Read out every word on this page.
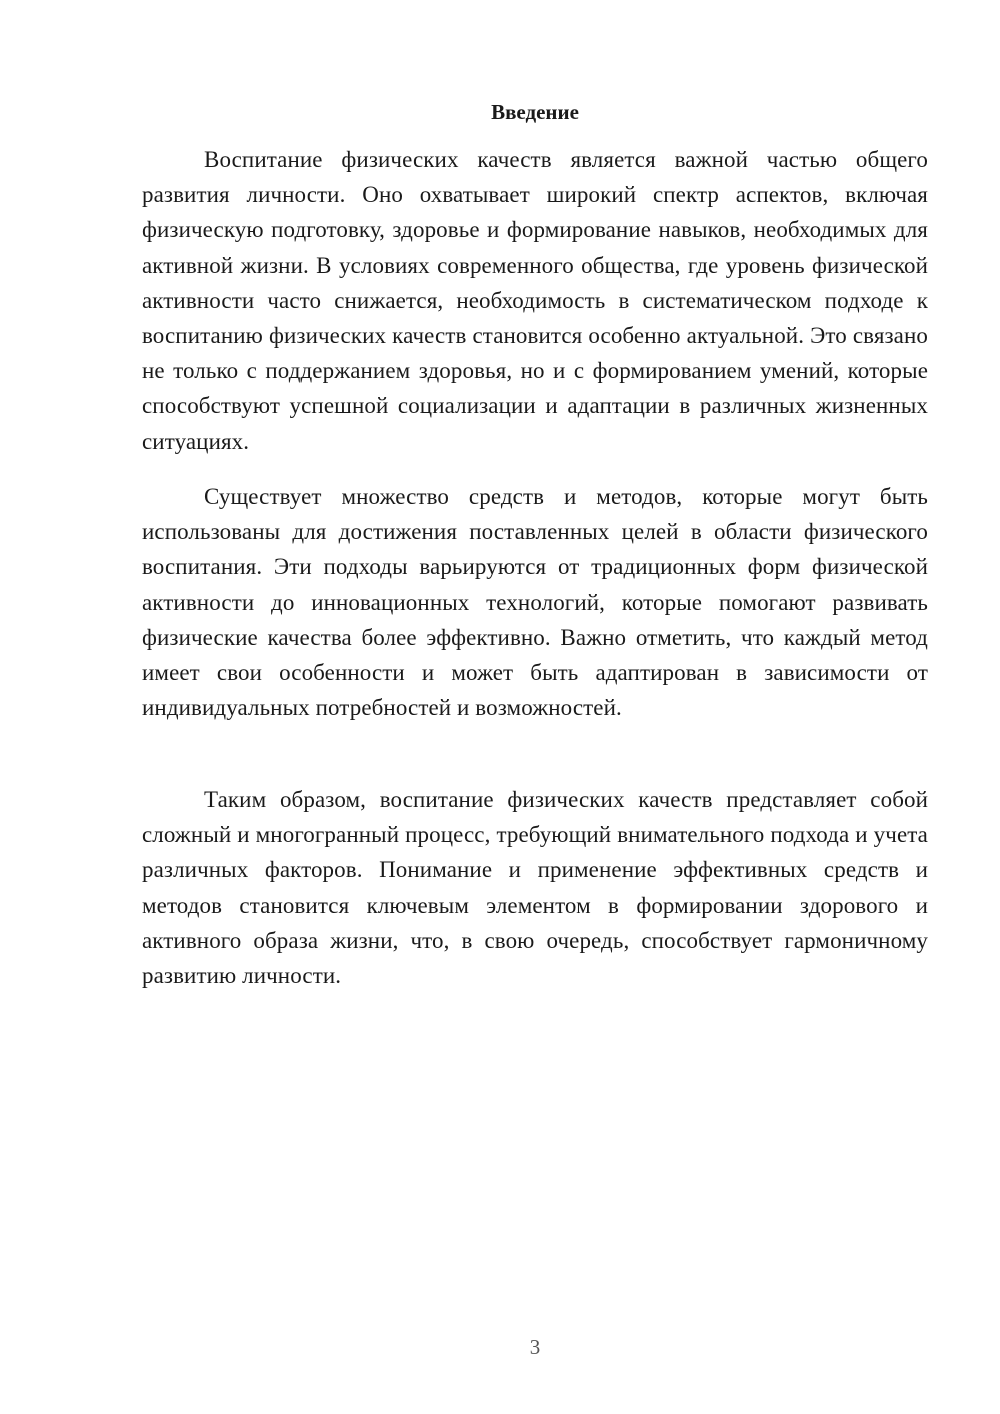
Введение

Воспитание физических качеств является важной частью общего развития личности. Оно охватывает широкий спектр аспектов, включая физическую подготовку, здоровье и формирование навыков, необходимых для активной жизни. В условиях современного общества, где уровень физической активности часто снижается, необходимость в систематическом подходе к воспитанию физических качеств становится особенно актуальной. Это связано не только с поддержанием здоровья, но и с формированием умений, которые способствуют успешной социализации и адаптации в различных жизненных ситуациях.

Существует множество средств и методов, которые могут быть использованы для достижения поставленных целей в области физического воспитания. Эти подходы варьируются от традиционных форм физической активности до инновационных технологий, которые помогают развивать физические качества более эффективно. Важно отметить, что каждый метод имеет свои особенности и может быть адаптирован в зависимости от индивидуальных потребностей и возможностей.

Таким образом, воспитание физических качеств представляет собой сложный и многогранный процесс, требующий внимательного подхода и учета различных факторов. Понимание и применение эффективных средств и методов становится ключевым элементом в формировании здорового и активного образа жизни, что, в свою очередь, способствует гармоничному развитию личности.

3
